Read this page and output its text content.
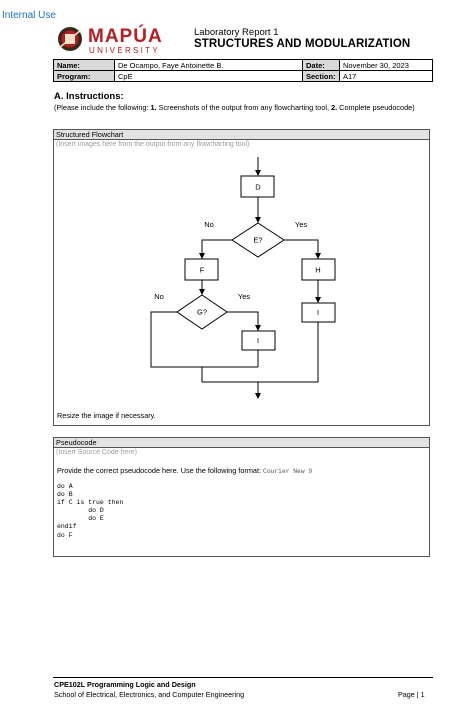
Internal Use
MAPÚA
UNIVERSITY
Laboratory Report 1
STRUCTURES AND MODULARIZATION
Name:	De Ocampo, Faye Antoinette B.	Date:	November 30, 2023
Program:	CpE	Section:	A17
A. Instructions:
(Please include the following: 1. Screenshots of the output from any flowcharting tool, 2. Complete pseudocode)
Structured Flowchart
(Insert images here from the output from any flowcharting tool)
D
E?
F	H
G?
I
I
No	Yes
No	Yes
Resize the image if necessary.
Pseudocode
(Insert Source Code here)
Provide the correct pseudocode here. Use the following format: Courier New 9
do A
do B
if C is true then
do D
do E
endif
do F
CPE102L Programming Logic and Design
School of Electrical, Electronics, and Computer Engineering	Page | 1
